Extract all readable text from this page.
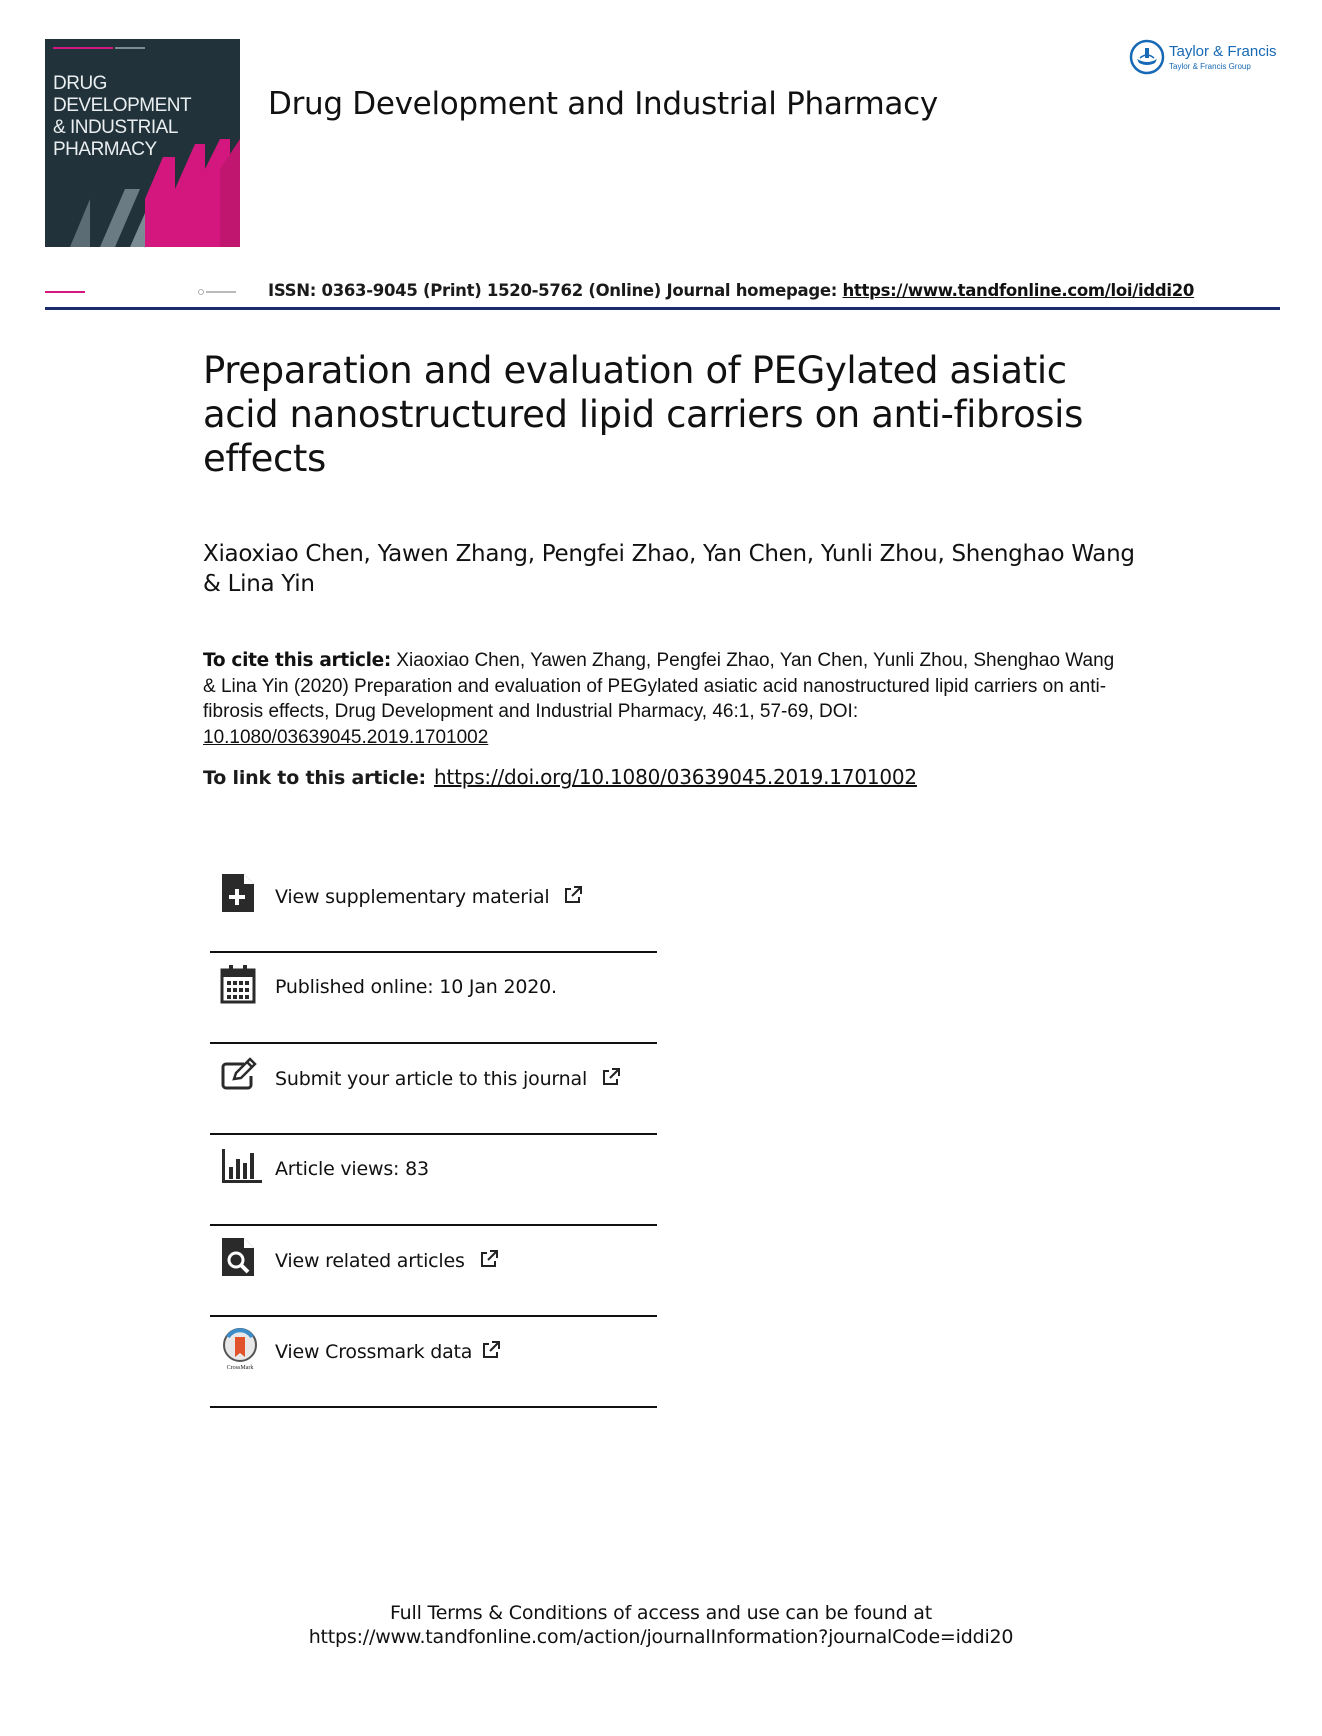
DRUG DEVELOPMENT
& INDUSTRIAL
PHARMACY
Drug Development and Industrial Pharmacy
Taylor & Francis
Taylor & Francis Group
ISSN: 0363-9045 (Print) 1520-5762 (Online) Journal homepage: https://www.tandfonline.com/loi/iddi20
Preparation and evaluation of PEGylated asiatic acid nanostructured lipid carriers on anti-fibrosis effects
Xiaoxiao Chen, Yawen Zhang, Pengfei Zhao, Yan Chen, Yunli Zhou, Shenghao Wang & Lina Yin
To cite this article: Xiaoxiao Chen, Yawen Zhang, Pengfei Zhao, Yan Chen, Yunli Zhou, Shenghao Wang & Lina Yin (2020) Preparation and evaluation of PEGylated asiatic acid nanostructured lipid carriers on anti-fibrosis effects, Drug Development and Industrial Pharmacy, 46:1, 57-69, DOI: 10.1080/03639045.2019.1701002
To link to this article: https://doi.org/10.1080/03639045.2019.1701002
View supplementary material
Published online: 10 Jan 2020.
Submit your article to this journal
Article views: 83
View related articles
CrossMark
View Crossmark data
Full Terms & Conditions of access and use can be found at
https://www.tandfonline.com/action/journalInformation?journalCode=iddi20
